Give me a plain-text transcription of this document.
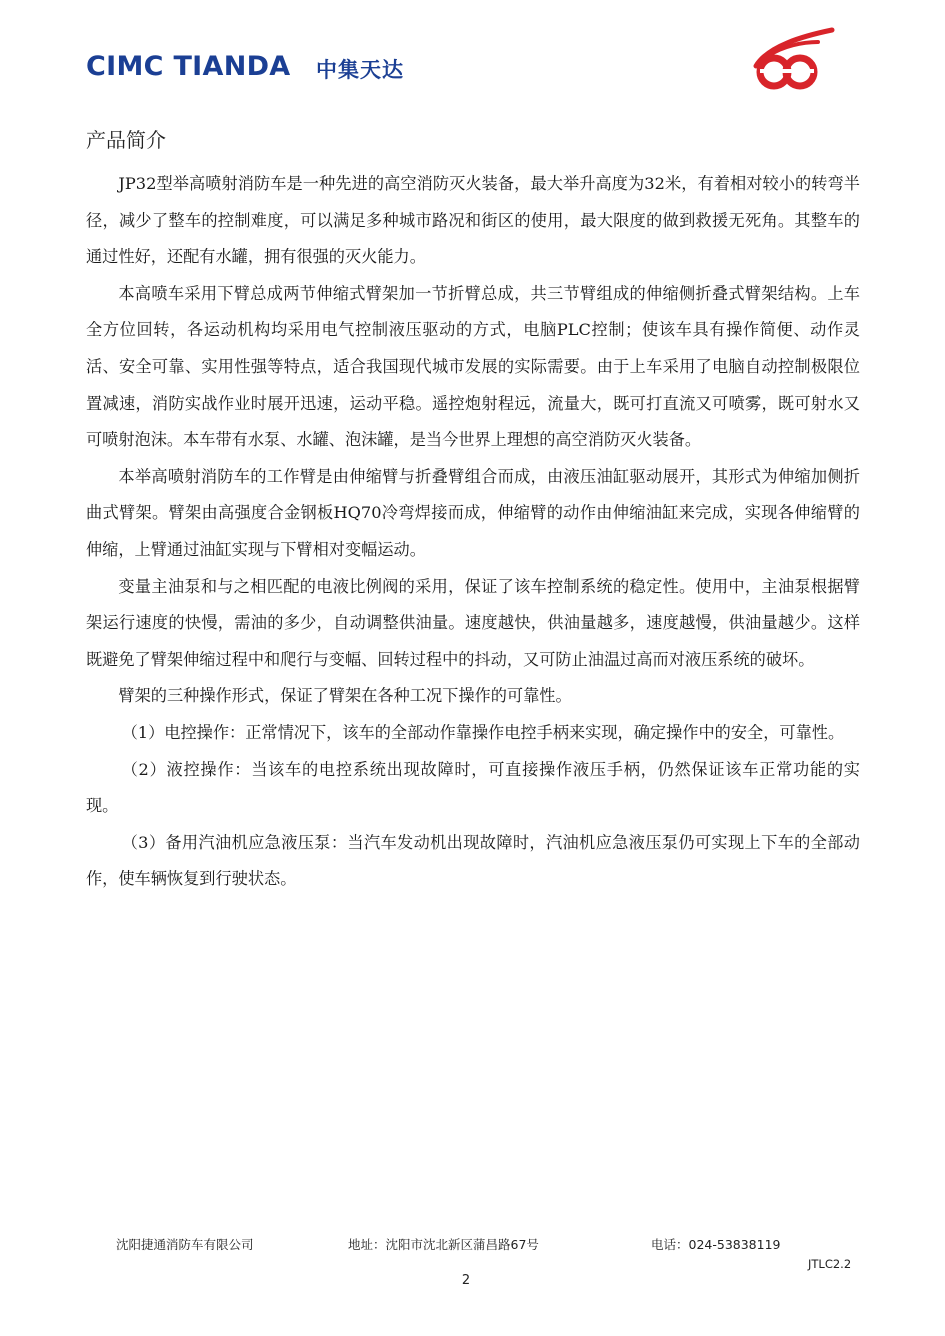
CIMC TIANDA 中集天达
产品简介

JP32型举高喷射消防车是一种先进的高空消防灭火装备，最大举升高度为32米，有着相对较小的转弯半径，减少了整车的控制难度，可以满足多种城市路况和街区的使用，最大限度的做到救援无死角。其整车的通过性好，还配有水罐，拥有很强的灭火能力。

本高喷车采用下臂总成两节伸缩式臂架加一节折臂总成，共三节臂组成的伸缩侧折叠式臂架结构。上车全方位回转，各运动机构均采用电气控制液压驱动的方式，电脑PLC控制；使该车具有操作简便、动作灵活、安全可靠、实用性强等特点，适合我国现代城市发展的实际需要。由于上车采用了电脑自动控制极限位置减速，消防实战作业时展开迅速，运动平稳。遥控炮射程远，流量大，既可打直流又可喷雾，既可射水又可喷射泡沫。本车带有水泵、水罐、泡沫罐，是当今世界上理想的高空消防灭火装备。

本举高喷射消防车的工作臂是由伸缩臂与折叠臂组合而成，由液压油缸驱动展开，其形式为伸缩加侧折曲式臂架。臂架由高强度合金钢板HQ70冷弯焊接而成，伸缩臂的动作由伸缩油缸来完成，实现各伸缩臂的伸缩，上臂通过油缸实现与下臂相对变幅运动。

变量主油泵和与之相匹配的电液比例阀的采用，保证了该车控制系统的稳定性。使用中，主油泵根据臂架运行速度的快慢，需油的多少，自动调整供油量。速度越快，供油量越多，速度越慢，供油量越少。这样既避免了臂架伸缩过程中和爬行与变幅、回转过程中的抖动，又可防止油温过高而对液压系统的破坏。

臂架的三种操作形式，保证了臂架在各种工况下操作的可靠性。

（1）电控操作：正常情况下，该车的全部动作靠操作电控手柄来实现，确定操作中的安全，可靠性。

（2）液控操作：当该车的电控系统出现故障时，可直接操作液压手柄，仍然保证该车正常功能的实现。

（3）备用汽油机应急液压泵：当汽车发动机出现故障时，汽油机应急液压泵仍可实现上下车的全部动作，使车辆恢复到行驶状态。

沈阳捷通消防车有限公司	地址：沈阳市沈北新区蒲昌路67号	电话：024-53838119
JTLC2.2
2
